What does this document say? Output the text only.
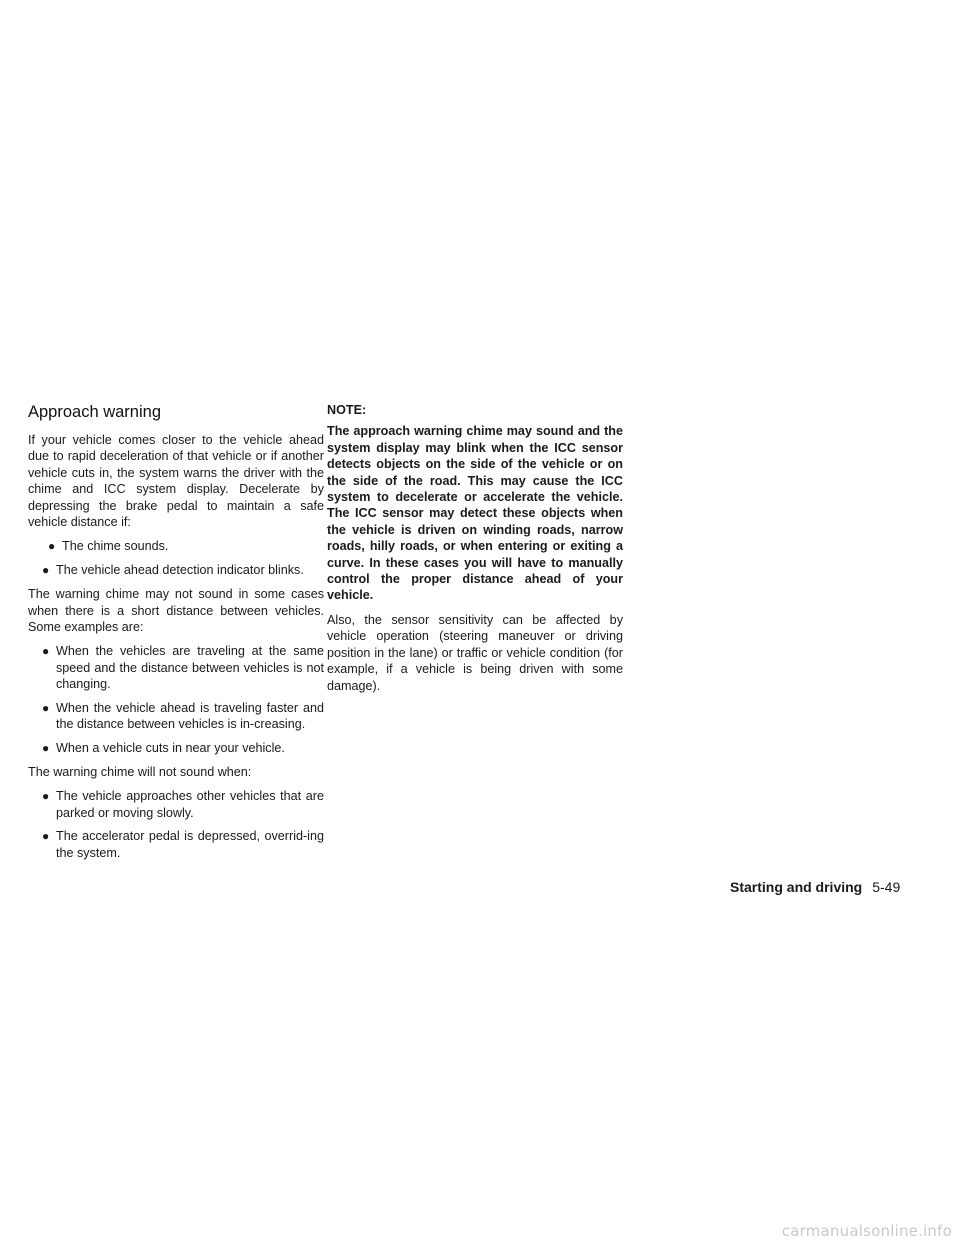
Approach warning

If your vehicle comes closer to the vehicle ahead due to rapid deceleration of that vehicle or if another vehicle cuts in, the system warns the driver with the chime and ICC system display. Decelerate by depressing the brake pedal to maintain a safe vehicle distance if:

● The chime sounds.
● The vehicle ahead detection indicator blinks.

The warning chime may not sound in some cases when there is a short distance between vehicles. Some examples are:

● When the vehicles are traveling at the same speed and the distance between vehicles is not changing.
● When the vehicle ahead is traveling faster and the distance between vehicles is in-creasing.
● When a vehicle cuts in near your vehicle.

The warning chime will not sound when:

● The vehicle approaches other vehicles that are parked or moving slowly.
● The accelerator pedal is depressed, overrid-ing the system.
NOTE:

The approach warning chime may sound and the system display may blink when the ICC sensor detects objects on the side of the vehicle or on the side of the road. This may cause the ICC system to decelerate or accelerate the vehicle. The ICC sensor may detect these objects when the vehicle is driven on winding roads, narrow roads, hilly roads, or when entering or exiting a curve. In these cases you will have to manually control the proper distance ahead of your vehicle.

Also, the sensor sensitivity can be affected by vehicle operation (steering maneuver or driving position in the lane) or traffic or vehicle condition (for example, if a vehicle is being driven with some damage).

Starting and driving 5-49
carmanualsonline.info
